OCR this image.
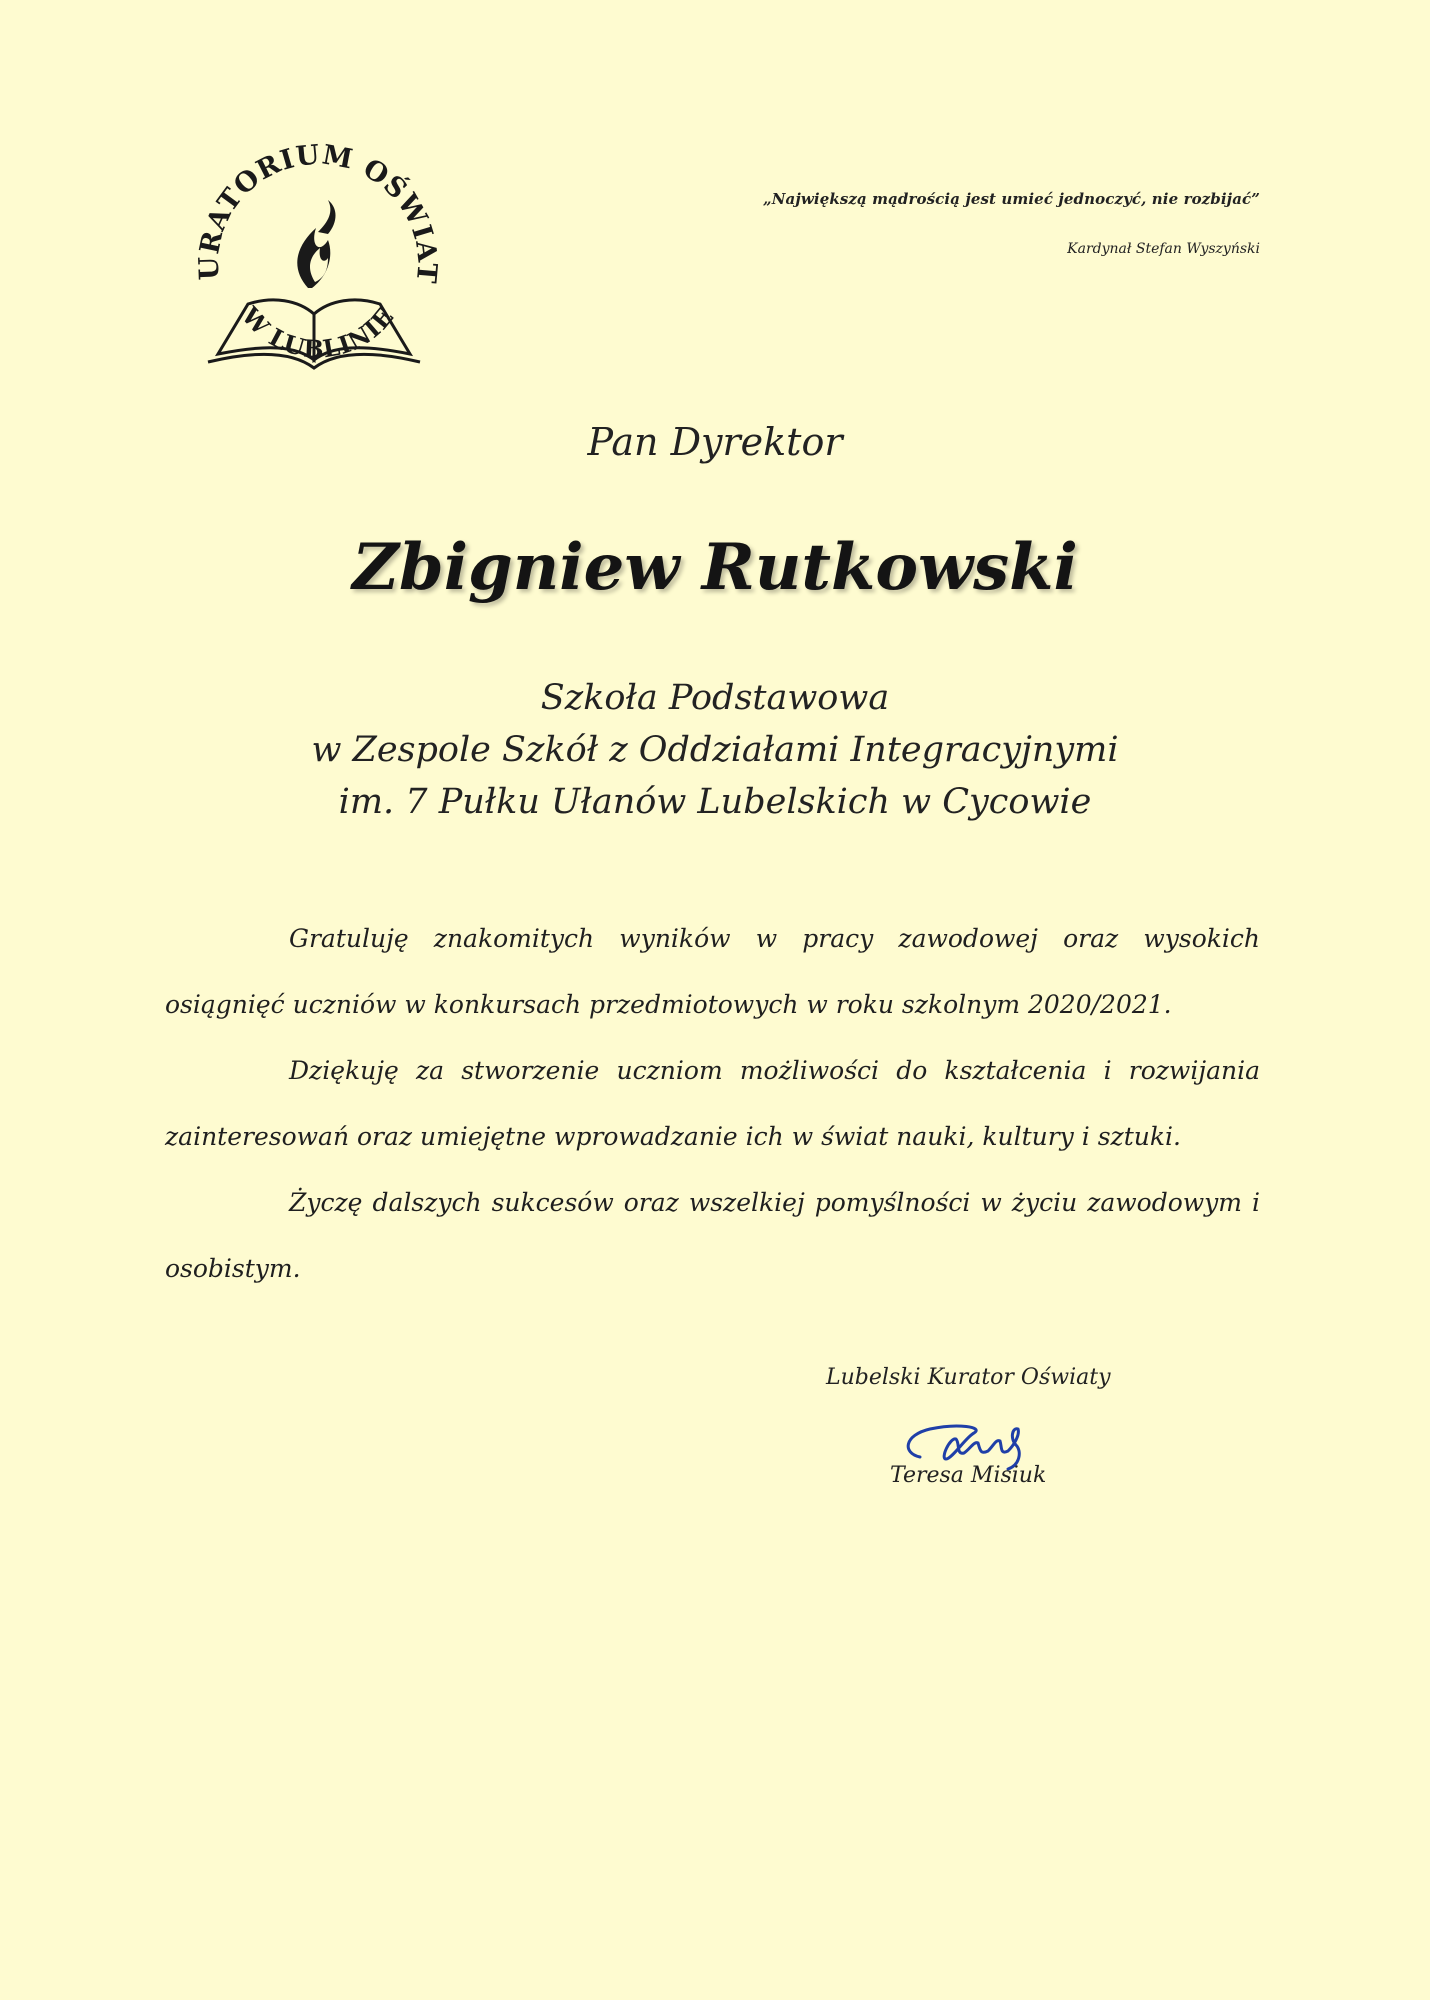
URATORIUM OŚWIAT
W LUBLINIE
„Największą mądrością jest umieć jednoczyć, nie rozbijać”
Kardynał Stefan Wyszyński
Pan Dyrektor
Zbigniew Rutkowski
Szkoła Podstawowa
w Zespole Szkół z Oddziałami Integracyjnymi
im. 7 Pułku Ułanów Lubelskich w Cycowie

Gratuluję znakomitych wyników w pracy zawodowej oraz wysokich osiągnięć uczniów w konkursach przedmiotowych w roku szkolnym 2020/2021.

Dziękuję za stworzenie uczniom możliwości do kształcenia i rozwijania zainteresowań oraz umiejętne wprowadzanie ich w świat nauki, kultury i sztuki.

Życzę dalszych sukcesów oraz wszelkiej pomyślności w życiu zawodowym i osobistym.

Lubelski Kurator Oświaty
Teresa Misiuk
